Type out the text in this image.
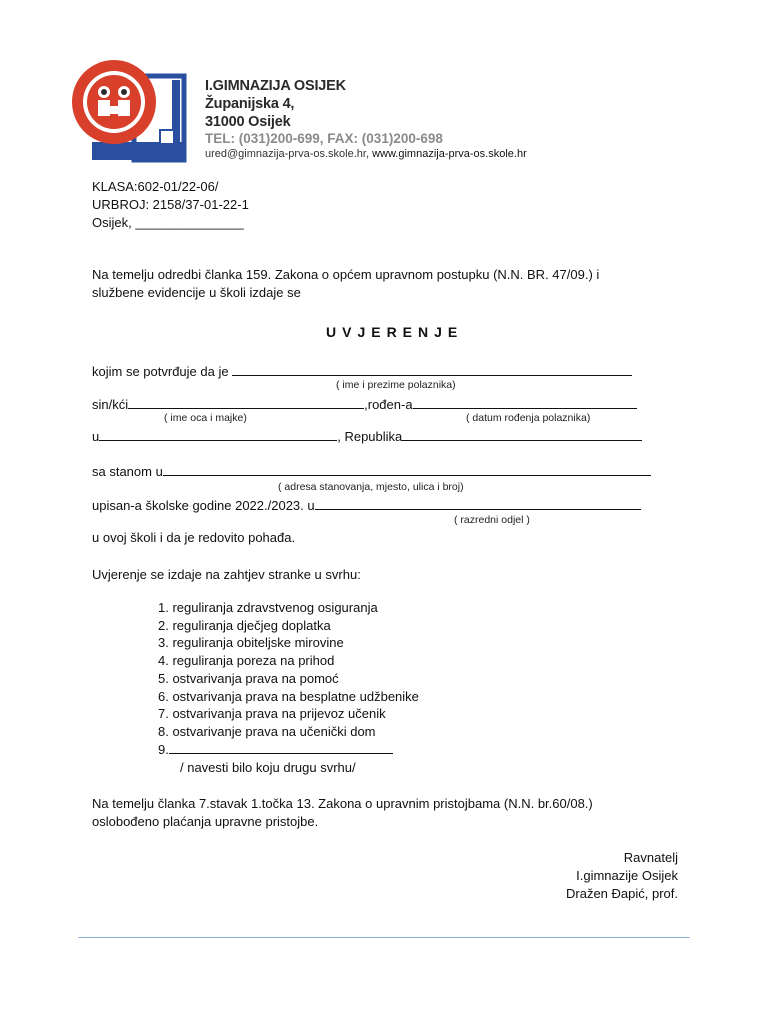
I.GIMNAZIJA OSIJEK
Županijska 4,
31000 Osijek
TEL: (031)200-699, FAX: (031)200-698
ured@gimnazija-prva-os.skole.hr, www.gimnazija-prva-os.skole.hr
KLASA:602-01/22-06/
URBROJ: 2158/37-01-22-1
Osijek, _______________
Na temelju odredbi članka 159. Zakona o općem upravnom postupku (N.N. BR. 47/09.) i
službene evidencije u školi izdaje se
UVJERENJE
kojim se potvrđuje da je
( ime i prezime polaznika)
sin/kći	,rođen-a
( ime oca i majke)	( datum rođenja polaznika)
u	, Republika
sa stanom u
( adresa stanovanja, mjesto, ulica i broj)
upisan-a školske godine 2022./2023. u
( razredni odjel )
u ovoj školi i da je redovito pohađa.
Uvjerenje se izdaje na zahtjev stranke u svrhu:
1. reguliranja zdravstvenog osiguranja
2. reguliranja dječjeg doplatka
3. reguliranja obiteljske mirovine
4. reguliranja poreza na prihod
5. ostvarivanja prava na pomoć
6. ostvarivanja prava na besplatne udžbenike
7. ostvarivanja prava na prijevoz učenik
8. ostvarivanje prava na učenički dom
9.
/ navesti bilo koju drugu svrhu/
Na temelju članka 7.stavak 1.točka 13. Zakona o upravnim pristojbama (N.N. br.60/08.)
oslobođeno plaćanja upravne pristojbe.
Ravnatelj
I.gimnazije Osijek
Dražen Đapić, prof.
